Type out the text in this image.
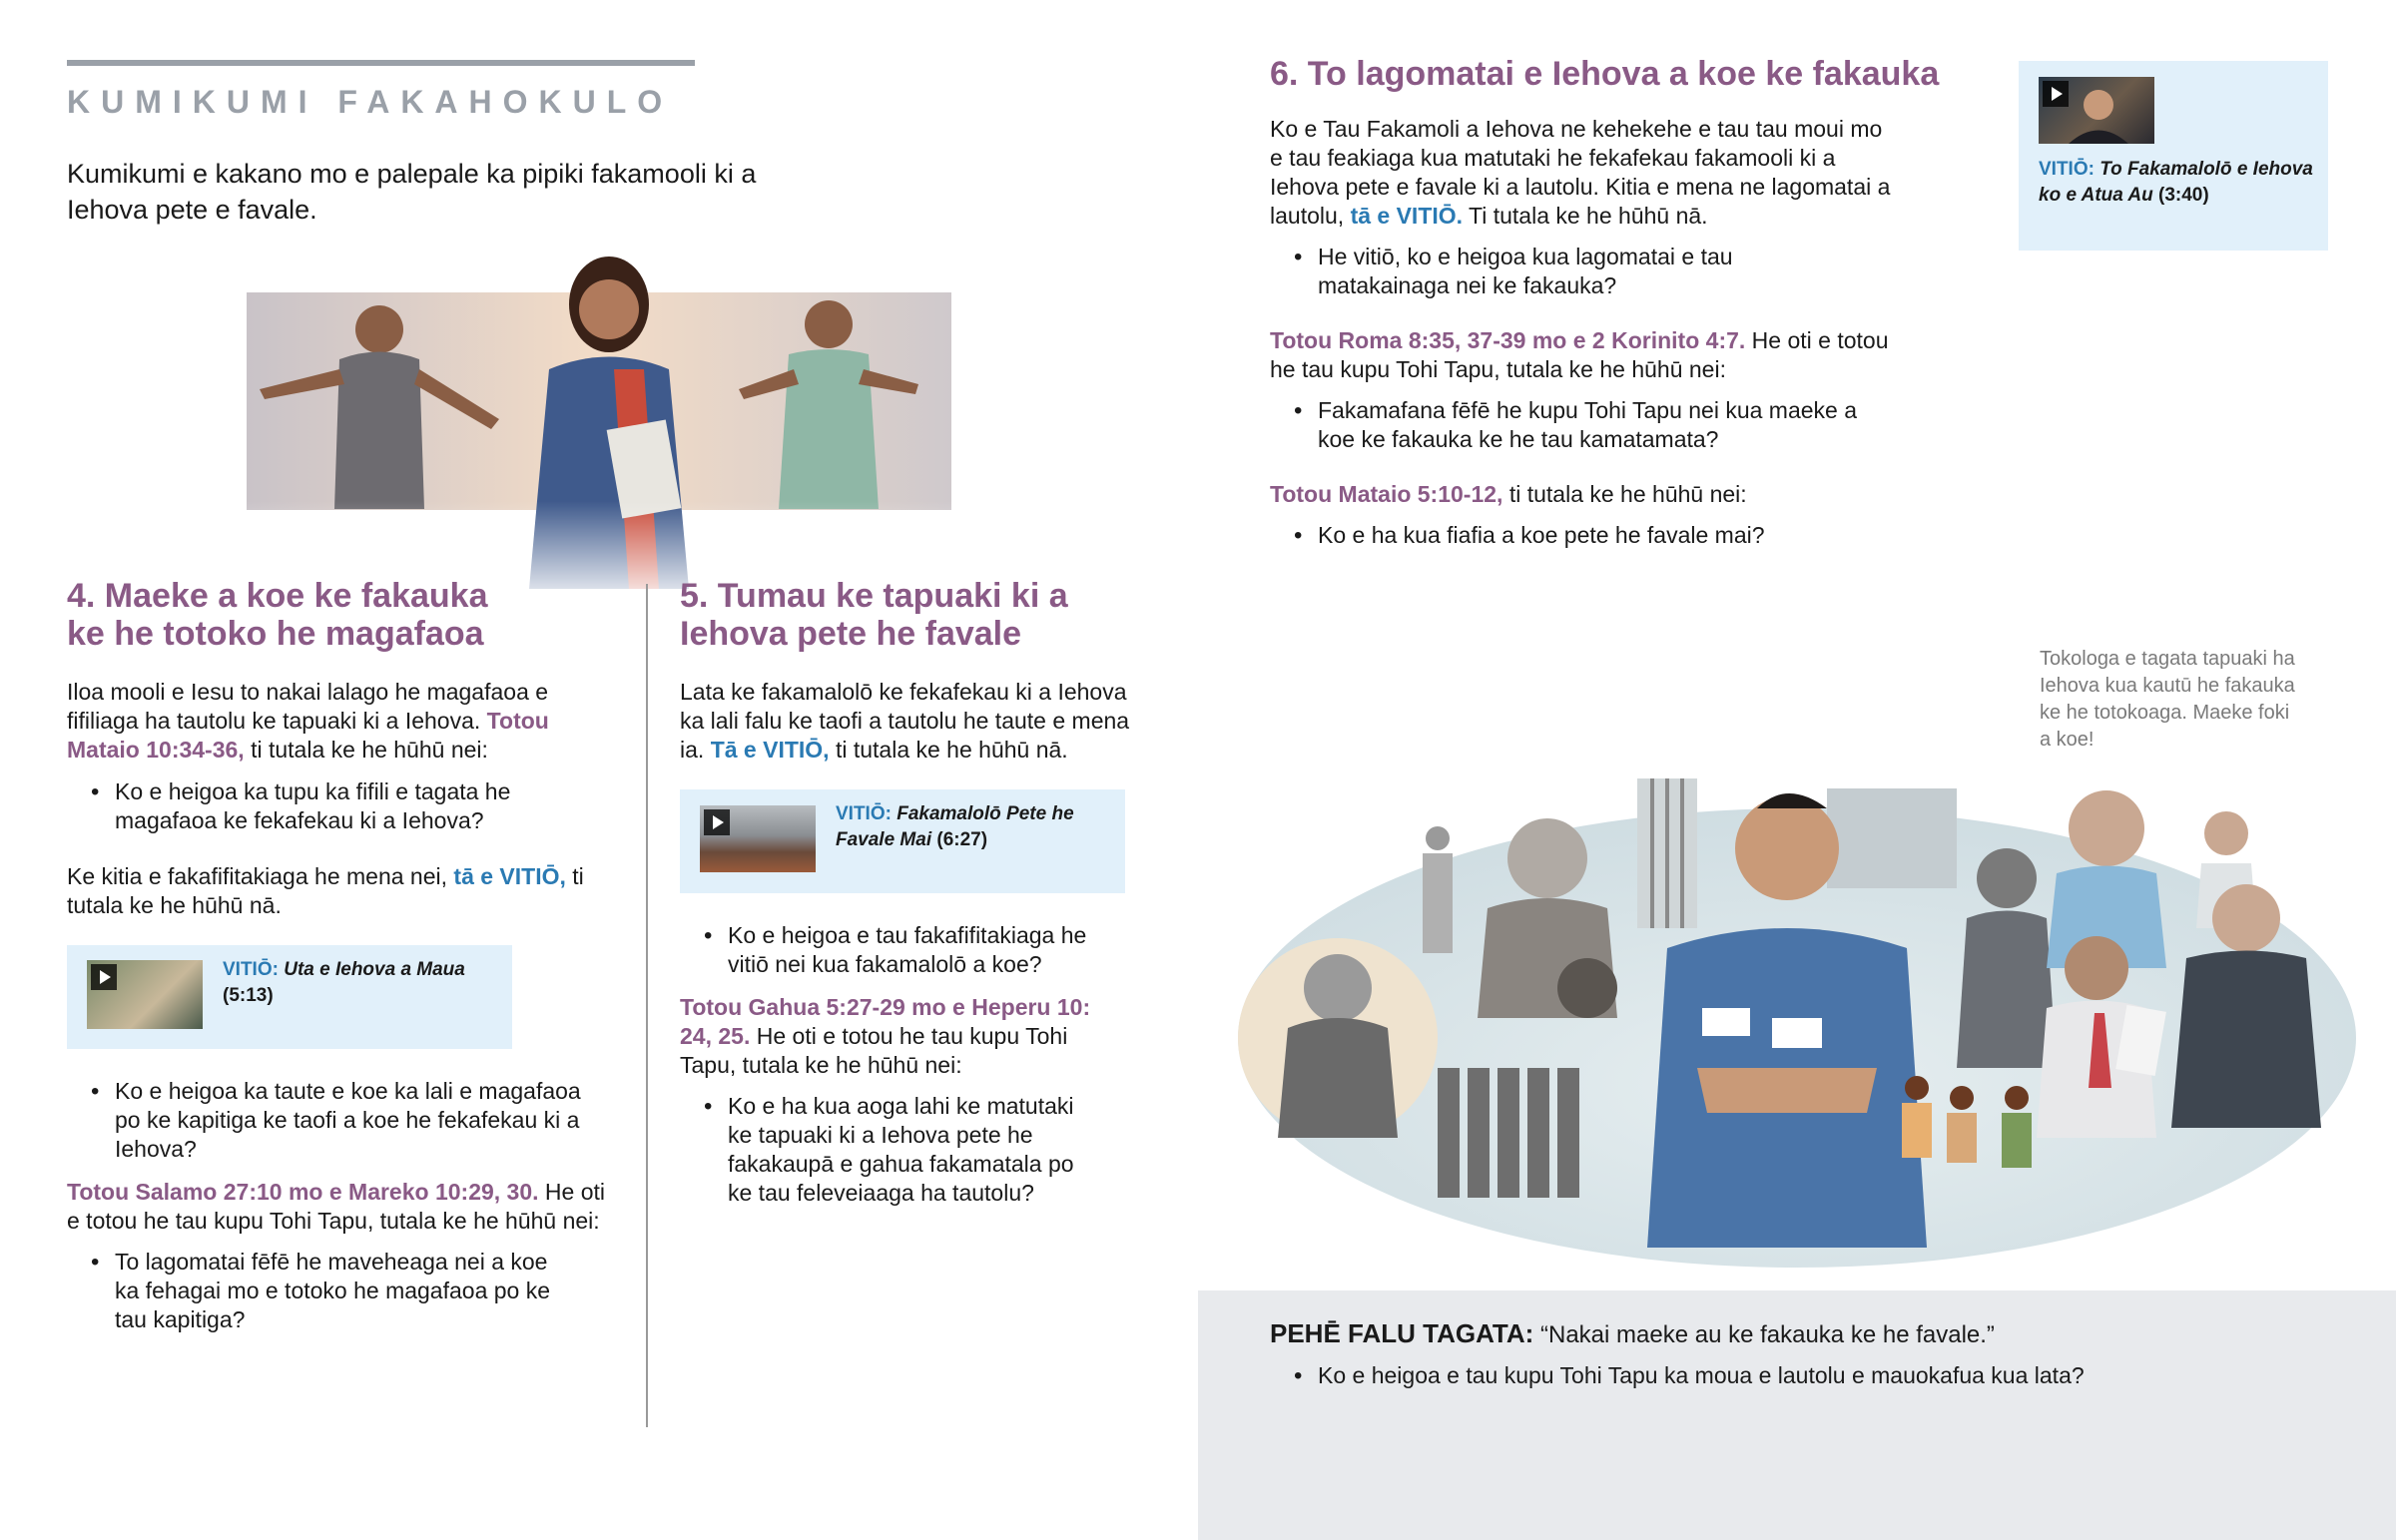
KUMIKUMI FAKAHOKULO
Kumikumi e kakano mo e palepale ka pipiki fakamooli ki a Iehova pete e favale.
4. Maeke a koe ke fakauka ke he totoko he magafaoa

Iloa mooli e Iesu to nakai lalago he magafaoa e fifiliaga ha tautolu ke tapuaki ki a Iehova. Totou Mataio 10:34-36, ti tutala ke he hūhū nei:

• Ko e heigoa ka tupu ka fifili e tagata he magafaoa ke fekafekau ki a Iehova?

Ke kitia e fakafifitakiaga he mena nei, tā e VITIŌ, ti tutala ke he hūhū nā.

VITIŌ: Uta e Iehova a Maua
(5:13)

• Ko e heigoa ka taute e koe ka lali e magafaoa po ke kapitiga ke taofi a koe he fekafekau ki a Iehova?

Totou Salamo 27:10 mo e Mareko 10:29, 30. He oti e totou he tau kupu Tohi Tapu, tutala ke he hūhū nei:

• To lagomatai fēfē he maveheaga nei a koe ka fehagai mo e totoko he magafaoa po ke tau kapitiga?

5. Tumau ke tapuaki ki a Iehova pete he favale

Lata ke fakamalolō ke fekafekau ki a Iehova ka lali falu ke taofi a tautolu he taute e mena ia. Tā e VITIŌ, ti tutala ke he hūhū nā.

VITIŌ: Fakamalolō Pete he Favale Mai (6:27)

• Ko e heigoa e tau fakafifitakiaga he vitiō nei kua fakamalolō a koe?

Totou Gahua 5:27-29 mo e Heperu 10: 24, 25. He oti e totou he tau kupu Tohi Tapu, tutala ke he hūhū nei:

• Ko e ha kua aoga lahi ke matutaki ke tapuaki ki a Iehova pete he fakakaupā e gahua fakamatala po ke tau feleveiaaga ha tautolu?

6. To lagomatai e Iehova a koe ke fakauka

Ko e Tau Fakamoli a Iehova ne kehekehe e tau tau moui mo e tau feakiaga kua matutaki he fekafekau fakamooli ki a Iehova pete e favale ki a lautolu. Kitia e mena ne lagomatai a lautolu, tā e VITIŌ. Ti tutala ke he hūhū nā.

• He vitiō, ko e heigoa kua lagomatai e tau matakainaga nei ke fakauka?

Totou Roma 8:35, 37-39 mo e 2 Korinito 4:7. He oti e totou he tau kupu Tohi Tapu, tutala ke he hūhū nei:

• Fakamafana fēfē he kupu Tohi Tapu nei kua maeke a koe ke fakauka ke he tau kamatamata?

Totou Mataio 5:10-12, ti tutala ke he hūhū nei:

• Ko e ha kua fiafia a koe pete he favale mai?

VITIŌ: To Fakamalolō e Iehova ko e Atua Au (3:40)
Tokologa e tagata tapuaki ha Iehova kua kautū he fakauka ke he totokoaga. Maeke foki a koe!

PEHĒ FALU TAGATA: “Nakai maeke au ke fakauka ke he favale.”

• Ko e heigoa e tau kupu Tohi Tapu ka moua e lautolu e mauokafua kua lata?
